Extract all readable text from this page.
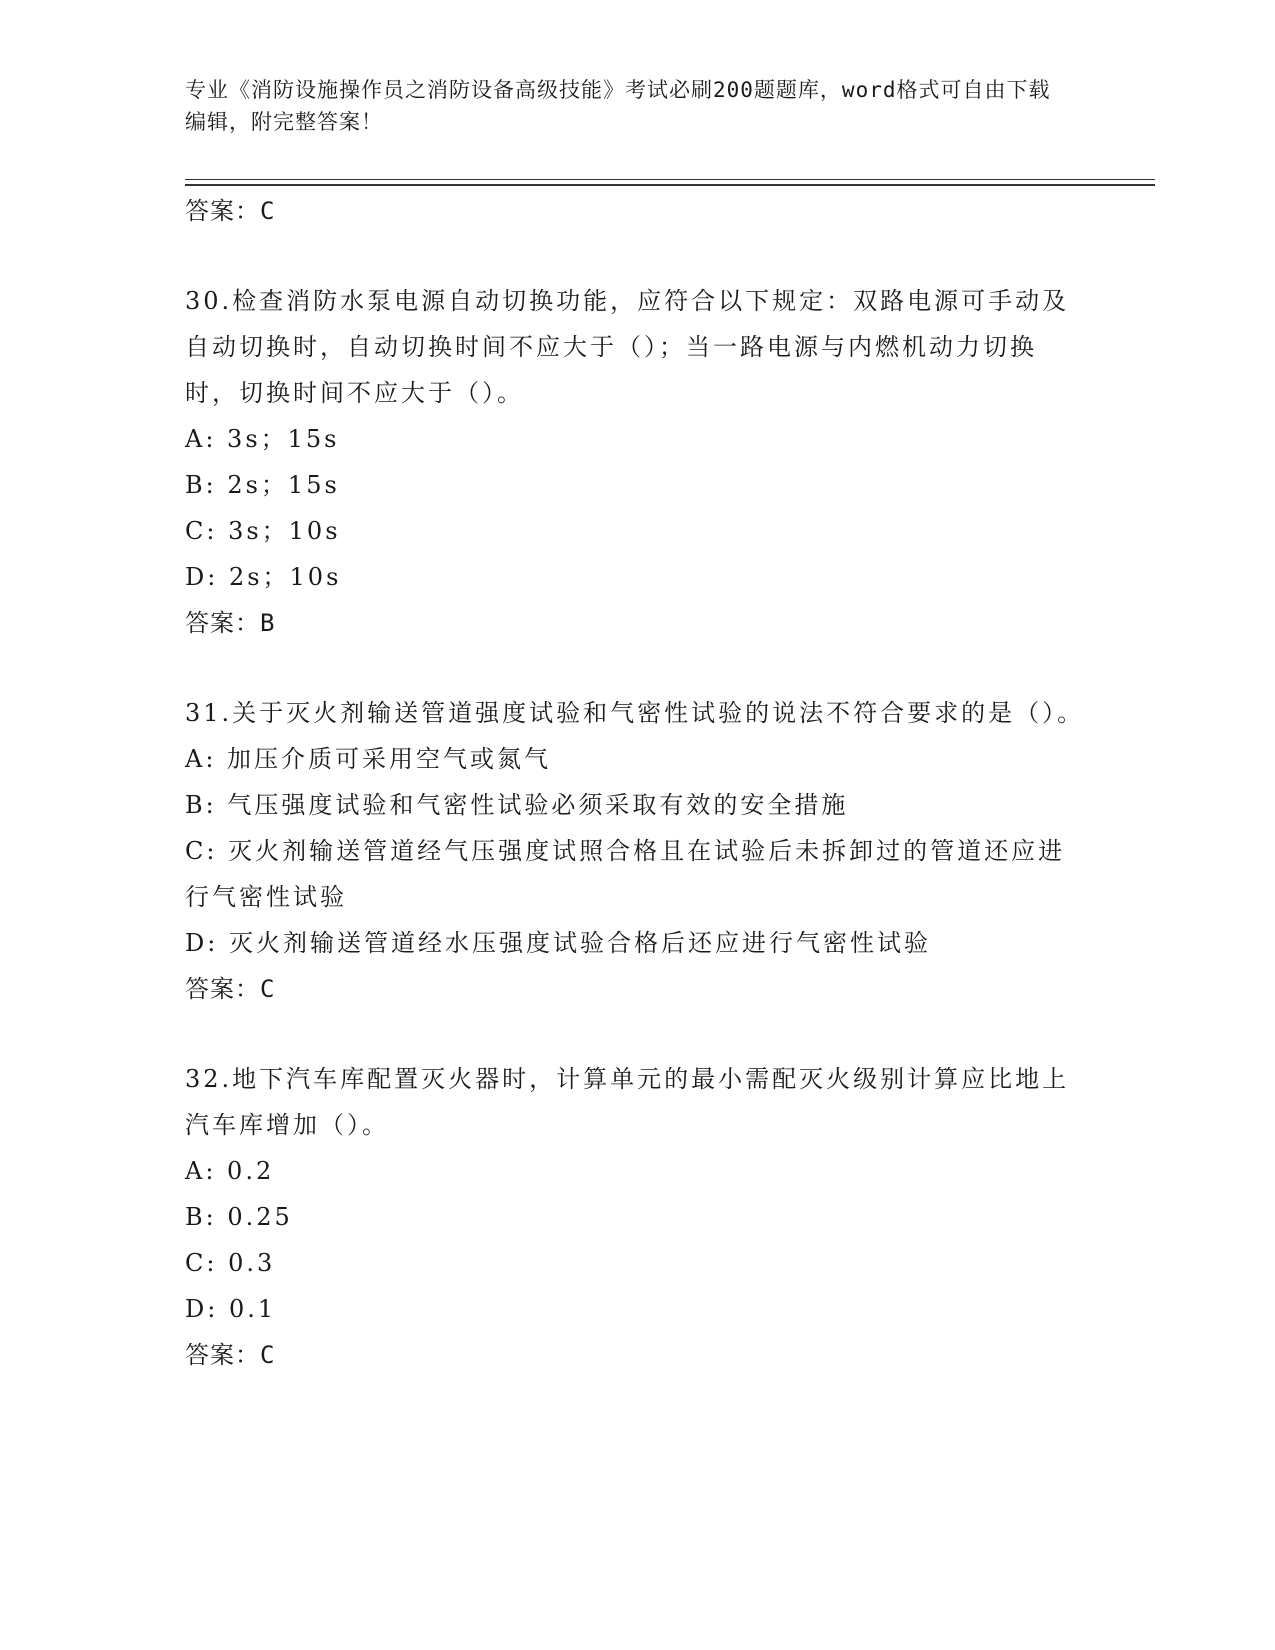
专业《消防设施操作员之消防设备高级技能》考试必刷200题题库，word格式可自由下载编辑，附完整答案！
答案：C
30.检查消防水泵电源自动切换功能，应符合以下规定：双路电源可手动及自动切换时，自动切换时间不应大于（）；当一路电源与内燃机动力切换时，切换时间不应大于（）。
A: 3s；15s
B: 2s；15s
C: 3s；10s
D: 2s；10s
答案：B
31.关于灭火剂输送管道强度试验和气密性试验的说法不符合要求的是（）。
A: 加压介质可采用空气或氮气
B: 气压强度试验和气密性试验必须采取有效的安全措施
C: 灭火剂输送管道经气压强度试照合格且在试验后未拆卸过的管道还应进行气密性试验
D: 灭火剂输送管道经水压强度试验合格后还应进行气密性试验
答案：C
32.地下汽车库配置灭火器时，计算单元的最小需配灭火级别计算应比地上汽车库增加（）。
A: 0.2
B: 0.25
C: 0.3
D: 0.1
答案：C
